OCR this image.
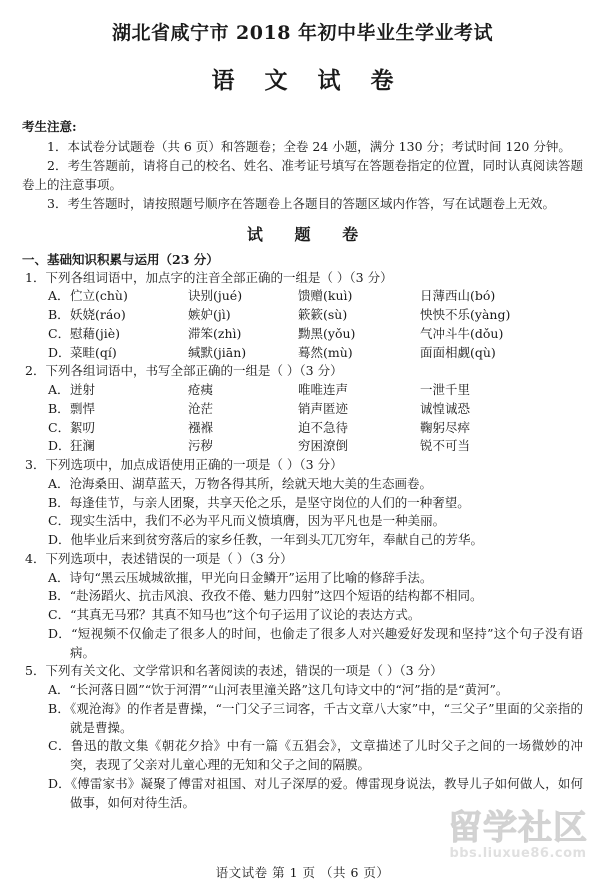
湖北省咸宁市 2018 年初中毕业生学业考试
语 文 试 卷
考生注意:

1．本试卷分试题卷（共 6 页）和答题卷；全卷 24 小题，满分 130 分；考试时间 120 分钟。

2．考生答题前，请将自己的校名、姓名、准考证号填写在答题卷指定的位置，同时认真阅读答题卷上的注意事项。

3．考生答题时，请按照题号顺序在答题卷上各题目的答题区域内作答，写在试题卷上无效。

试 题 卷
一、基础知识积累与运用（23 分）
1．下列各组词语中，加点字的注音全部正确的一组是（ ）（3 分）
A． 伫立(chù)	诀别(jué)	馈赠(kuì)	日薄西山(bó)
B． 妖娆(ráo)	嫉妒(jì)	簌簌(sù)	怏怏不乐(yàng)
C． 慰藉(jiè)	滞笨(zhì)	黝黑(yǒu)	气冲斗牛(dǒu)
D． 菜畦(qí)	缄默(jiān)	蓦然(mù)	面面相觑(qù)
2．下列各组词语中，书写全部正确的一组是（ ）（3 分）
A． 迸射	疮痍	唯唯连声	一泄千里
B． 剽悍	沧茫	销声匿迹	诚惶诚恐
C． 絮叨	襁褓	迫不急待	鞠躬尽瘁
D． 狂澜	污秽	穷困潦倒	锐不可当
3．下列选项中，加点成语使用正确的一项是（ ）（3 分）

A．沧海桑田、湖草蓝天，万物各得其所，绘就天地大美的生态画卷。

B．每逢佳节，与亲人团聚，共享天伦之乐，是坚守岗位的人们的一种奢望。

C．现实生活中，我们不必为平凡而义愤填膺，因为平凡也是一种美丽。

D．他毕业后来到贫穷落后的家乡任教，一年到头兀兀穷年，奉献自己的芳华。

4．下列选项中，表述错误的一项是（ ）（3 分）

A．诗句“黑云压城城欲摧，甲光向日金鳞开”运用了比喻的修辞手法。

B．“赴汤蹈火、抗击风浪、孜孜不倦、魅力四射”这四个短语的结构都不相同。

C．“其真无马邪？其真不知马也”这个句子运用了议论的表达方式。

D．“短视频不仅偷走了很多人的时间，也偷走了很多人对兴趣爱好发现和坚持”这个句子没有语病。

5．下列有关文化、文学常识和名著阅读的表述，错误的一项是（ ）（3 分）

A．“长河落日圆”“饮于河渭”“山河表里潼关路”这几句诗文中的“河”指的是“黄河”。

B．《观沧海》的作者是曹操，“一门父子三词客，千古文章八大家”中，“三父子”里面的父亲指的就是曹操。

C．鲁迅的散文集《朝花夕拾》中有一篇《五猖会》，文章描述了儿时父子之间的一场微妙的冲突，表现了父亲对儿童心理的无知和父子之间的隔膜。

D．《傅雷家书》凝聚了傅雷对祖国、对儿子深厚的爱。傅雷现身说法，教导儿子如何做人，如何做事，如何对待生活。

留学社区
bbs.liuxue86.com
语文试卷 第 1 页 （共 6 页）
